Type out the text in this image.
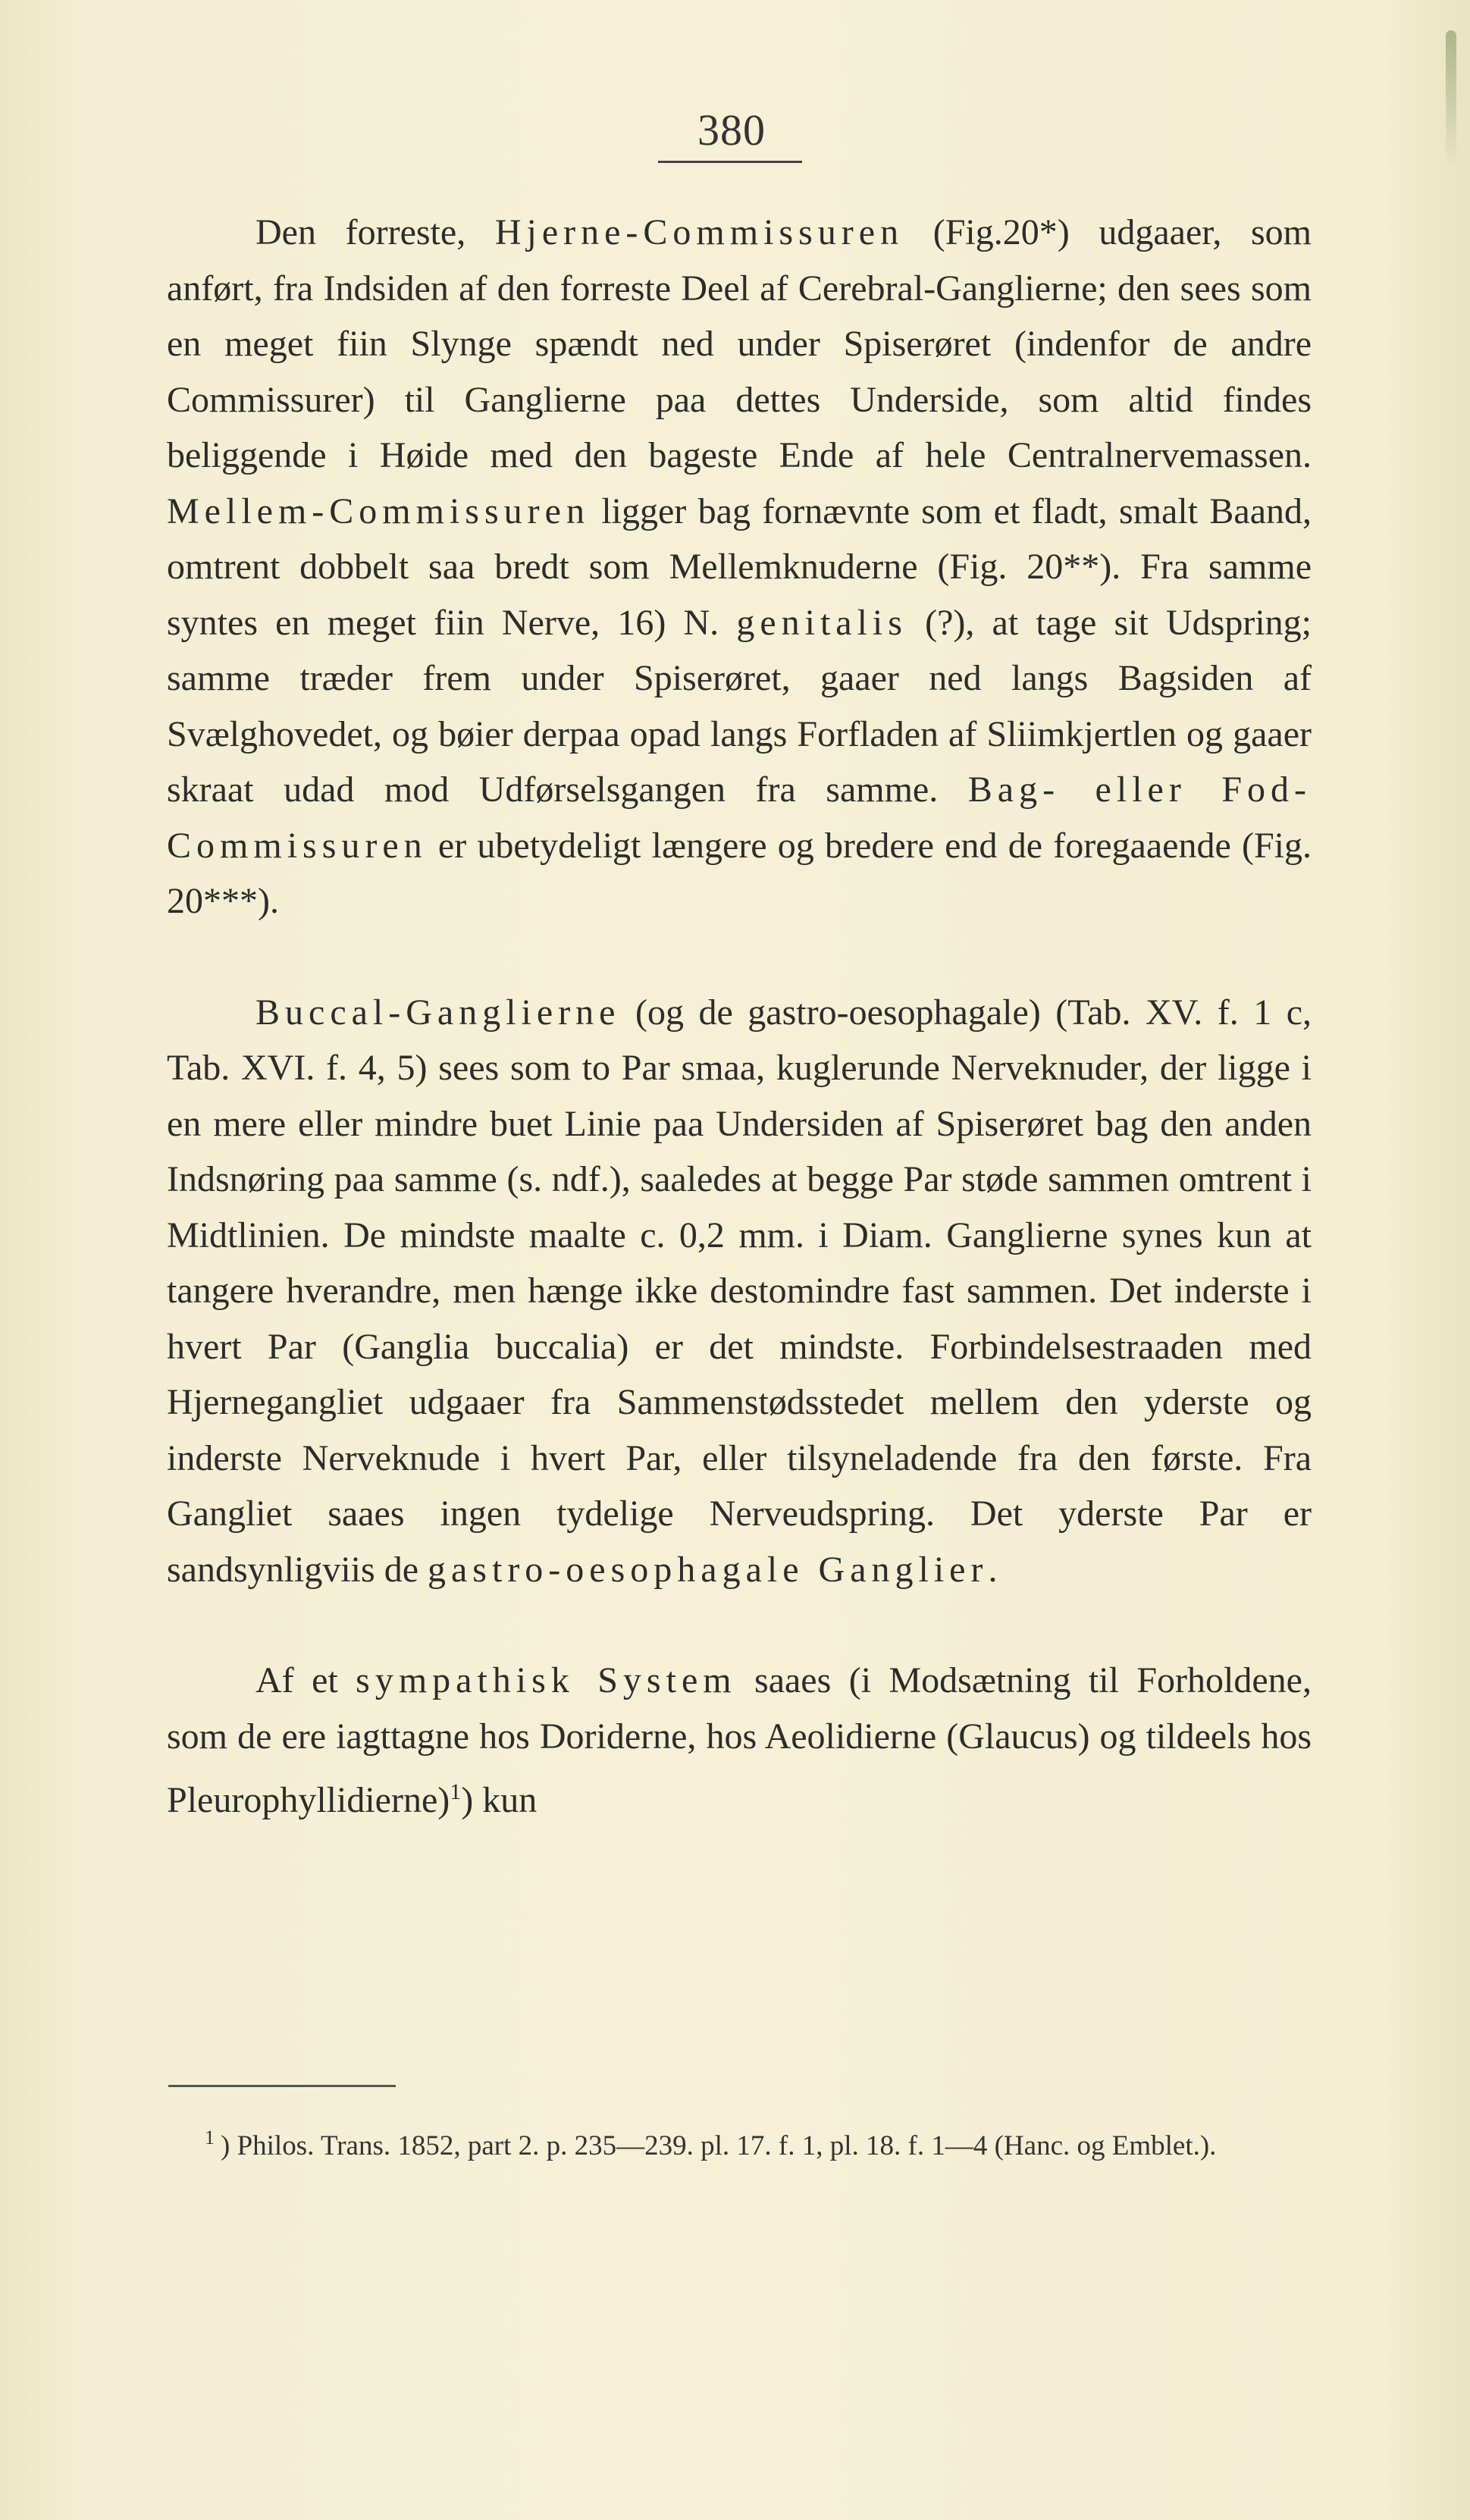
380

Den forreste, Hjerne-Commissuren (Fig.20*) udgaaer, som anført, fra Indsiden af den forreste Deel af Cerebral-Ganglierne; den sees som en meget fiin Slynge spændt ned under Spiserøret (indenfor de andre Commissurer) til Ganglierne paa dettes Underside, som altid findes beliggende i Høide med den bageste Ende af hele Centralnervemassen. Mellem-Commissuren ligger bag fornævnte som et fladt, smalt Baand, omtrent dobbelt saa bredt som Mellemknuderne (Fig. 20**). Fra samme syntes en meget fiin Nerve, 16) N. genitalis (?), at tage sit Udspring; samme træder frem under Spiserøret, gaaer ned langs Bagsiden af Svælghovedet, og bøier derpaa opad langs Forfladen af Sliimkjertlen og gaaer skraat udad mod Udførselsgangen fra samme. Bag- eller Fod-Commissuren er ubetydeligt længere og bredere end de foregaaende (Fig. 20***).

Buccal-Ganglierne (og de gastro-oesophagale) (Tab. XV. f. 1 c, Tab. XVI. f. 4, 5) sees som to Par smaa, kuglerunde Nerveknuder, der ligge i en mere eller mindre buet Linie paa Undersiden af Spiserøret bag den anden Indsnøring paa samme (s. ndf.), saaledes at begge Par støde sammen omtrent i Midtlinien. De mindste maalte c. 0,2 mm. i Diam. Ganglierne synes kun at tangere hverandre, men hænge ikke destomindre fast sammen. Det inderste i hvert Par (Ganglia buccalia) er det mindste. Forbindelsestraaden med Hjernegangliet udgaaer fra Sammenstødsstedet mellem den yderste og inderste Nerveknude i hvert Par, eller tilsyneladende fra den første. Fra Gangliet saaes ingen tydelige Nerveudspring. Det yderste Par er sandsynligviis de gastro-oesophagale Ganglier.

Af et sympathisk System saaes (i Modsætning til Forholdene, som de ere iagttagne hos Doriderne, hos Aeolidierne (Glaucus) og tildeels hos Pleurophyllidierne)$^1$) kun

$^1$ ) Philos. Trans. 1852, part 2. p. 235—239. pl. 17. f. 1, pl. 18. f. 1—4 (Hanc. og Emblet.).
